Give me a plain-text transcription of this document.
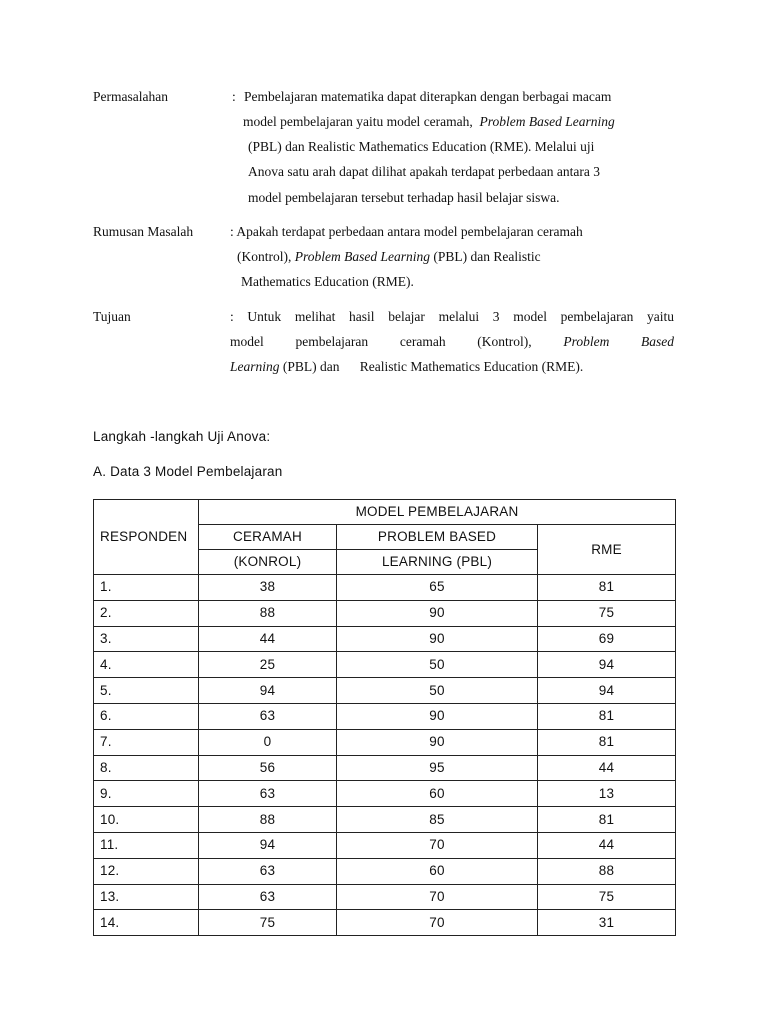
Permasalahan	: Pembelajaran matematika dapat diterapkan dengan berbagai macam
model pembelajaran yaitu model ceramah, Problem Based Learning
(PBL) dan Realistic Mathematics Education (RME). Melalui uji
Anova satu arah dapat dilihat apakah terdapat perbedaan antara 3
model pembelajaran tersebut terhadap hasil belajar siswa.
Rumusan Masalah	: Apakah terdapat perbedaan antara model pembelajaran ceramah
(Kontrol), Problem Based Learning (PBL) dan Realistic
Mathematics Education (RME).
Tujuan	: Untuk melihat hasil belajar melalui 3 model pembelajaran yaitu
model pembelajaran ceramah (Kontrol), Problem Based
Learning (PBL) dan Realistic Mathematics Education (RME).
Langkah -langkah Uji Anova:
A. Data 3 Model Pembelajaran
RESPONDEN	MODEL PEMBELAJARAN		
	CERAMAH	PROBLEM BASED	RME
	(KONROL)	LEARNING (PBL)	
1.	38	65	81
2.	88	90	75
3.	44	90	69
4.	25	50	94
5.	94	50	94
6.	63	90	81
7.	0	90	81
8.	56	95	44
9.	63	60	13
10.	88	85	81
11.	94	70	44
12.	63	60	88
13.	63	70	75
14.	75	70	31
